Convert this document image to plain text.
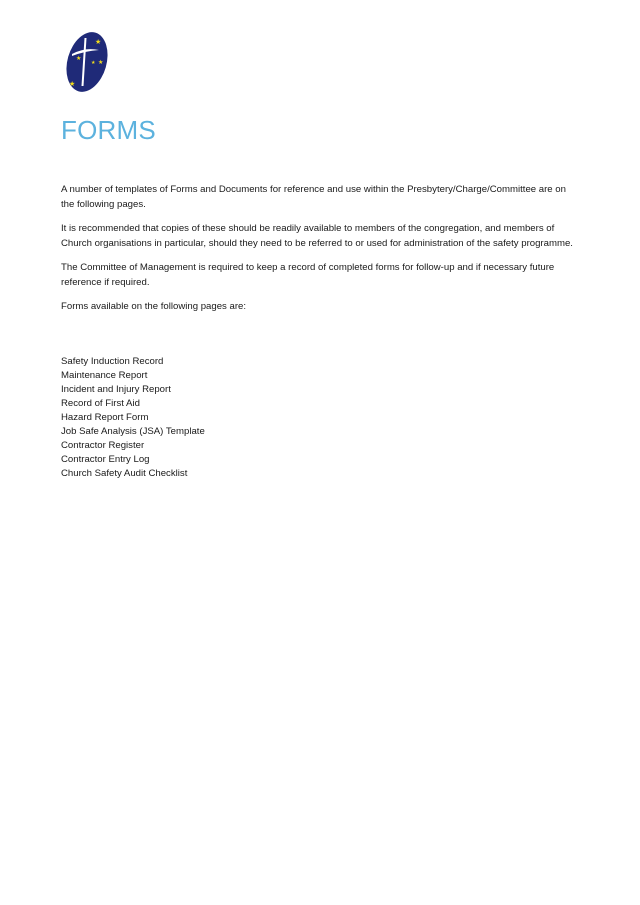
★
★
★ ★
★
FORMS

A number of templates of Forms and Documents for reference and use within the Presbytery/Charge/Committee are on the following pages.

It is recommended that copies of these should be readily available to members of the congregation, and members of Church organisations in particular, should they need to be referred to or used for administration of the safety programme.

The Committee of Management is required to keep a record of completed forms for follow-up and if necessary future reference if required.

Forms available on the following pages are:

Safety Induction Record
Maintenance Report
Incident and Injury Report
Record of First Aid
Hazard Report Form
Job Safe Analysis (JSA) Template
Contractor Register
Contractor Entry Log
Church Safety Audit Checklist
